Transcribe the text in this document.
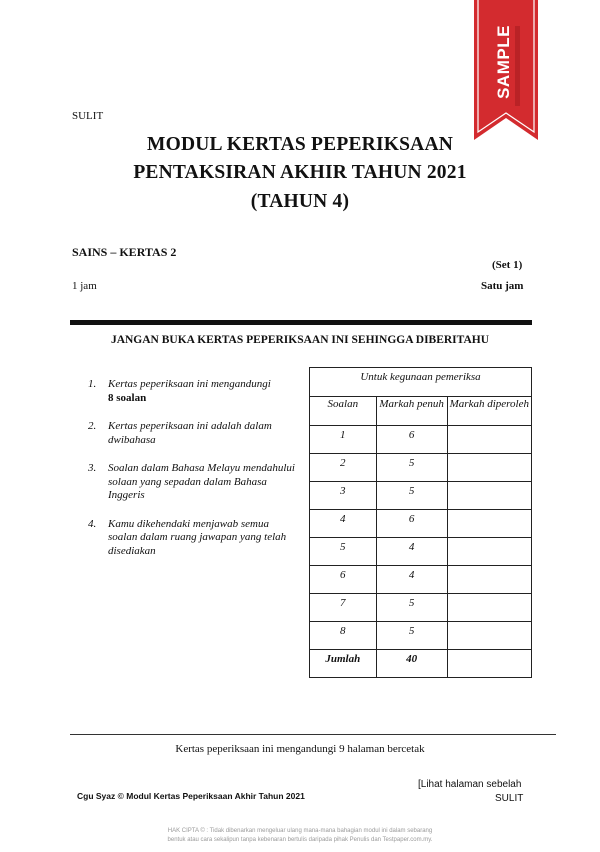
SAMPLE
SULIT
MODUL KERTAS PEPERIKSAAN
PENTAKSIRAN AKHIR TAHUN 2021
(TAHUN 4)
SAINS – KERTAS 2
(Set 1)
1 jam	Satu jam
JANGAN BUKA KERTAS PEPERIKSAAN INI SEHINGGA DIBERITAHU
1. Kertas peperiksaan ini mengandungi
8 soalan
2. Kertas peperiksaan ini adalah dalam dwibahasa
3. Soalan dalam Bahasa Melayu mendahului solaan yang sepadan dalam Bahasa Inggeris
4. Kamu dikehendaki menjawab semua soalan dalam ruang jawapan yang telah disediakan
Untuk kegunaan pemeriksa		
Soalan	Markah penuh	Markah diperoleh
1	6	
2	5	
3	5	
4	6	
5	4	
6	4	
7	5	
8	5	
Jumlah	40	
Kertas peperiksaan ini mengandungi 9 halaman bercetak
[Lihat halaman sebelah
Cgu Syaz © Modul Kertas Peperiksaan Akhir Tahun 2021	SULIT
HAK CIPTA © : Tidak dibenarkan mengeluar ulang mana-mana bahagian modul ini dalam sebarang
bentuk atau cara sekalipun tanpa kebenaran bertulis daripada pihak Penulis dan Testpaper.com.my.
